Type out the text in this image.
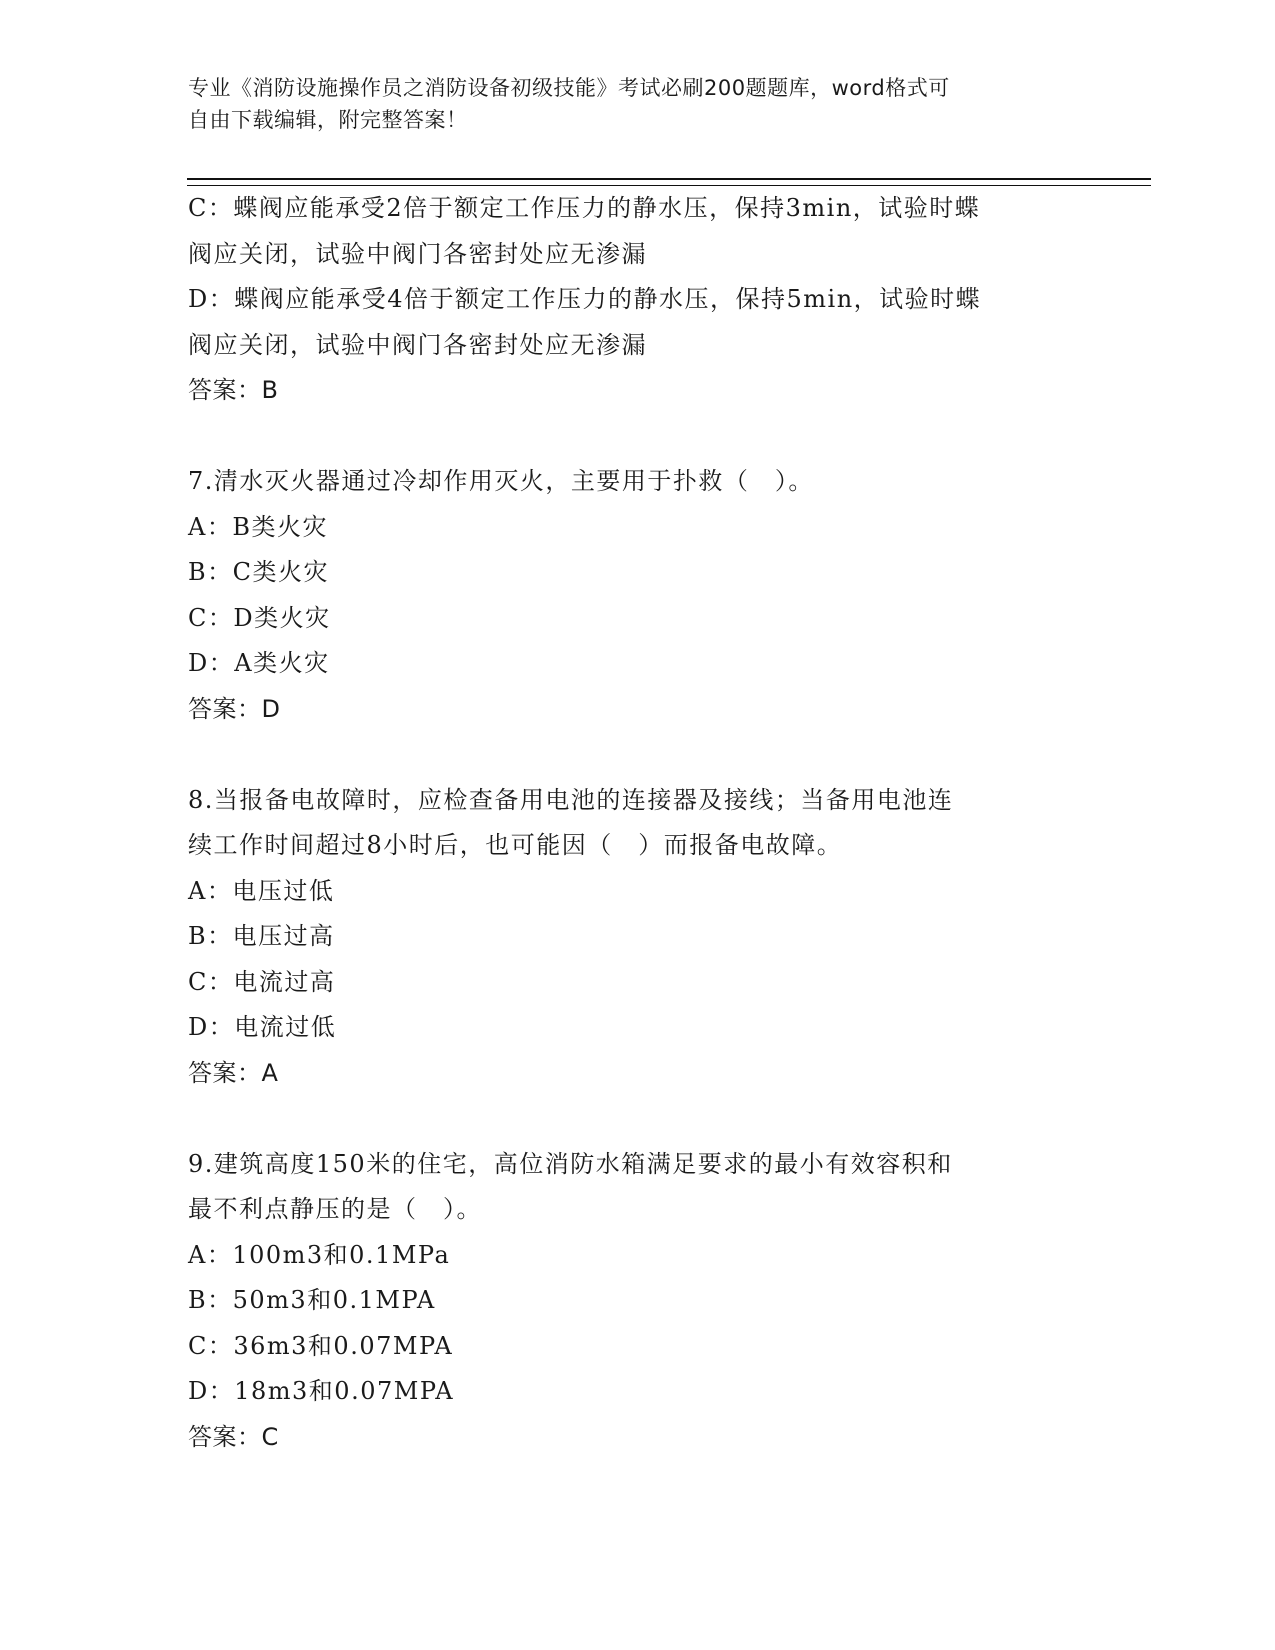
专业《消防设施操作员之消防设备初级技能》考试必刷200题题库，word格式可
自由下载编辑，附完整答案！
C：蝶阀应能承受2倍于额定工作压力的静水压，保持3min，试验时蝶
阀应关闭，试验中阀门各密封处应无渗漏
D：蝶阀应能承受4倍于额定工作压力的静水压，保持5min，试验时蝶
阀应关闭，试验中阀门各密封处应无渗漏
答案：B
7.清水灭火器通过冷却作用灭火，主要用于扑救（　）。
A：B类火灾
B：C类火灾
C：D类火灾
D：A类火灾
答案：D
8.当报备电故障时，应检查备用电池的连接器及接线；当备用电池连
续工作时间超过8小时后，也可能因（　）而报备电故障。
A：电压过低
B：电压过高
C：电流过高
D：电流过低
答案：A
9.建筑高度150米的住宅，高位消防水箱满足要求的最小有效容积和
最不利点静压的是（　）。
A：100m3和0.1MPa
B：50m3和0.1MPA
C：36m3和0.07MPA
D：18m3和0.07MPA
答案：C
